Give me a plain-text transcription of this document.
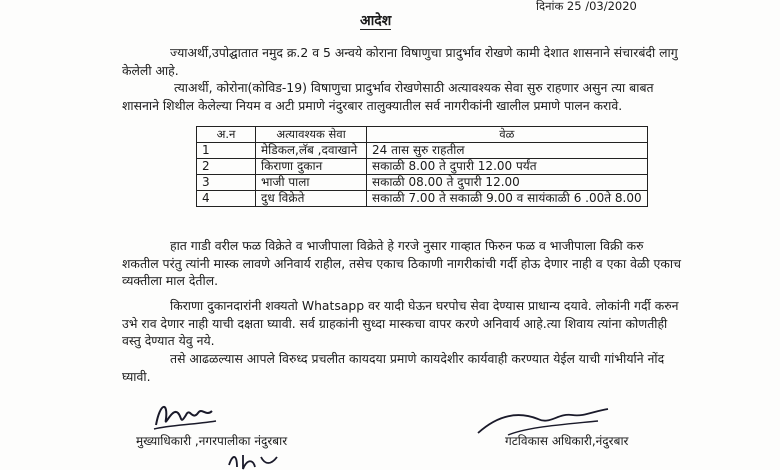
दिनांक 25 /03/2020
आदेश
ज्याअर्थी,उपोद्घातात नमुद क्र.2 व 5 अन्वये कोराना विषाणुचा प्रादुर्भाव रोखणे कामी देशात शासनाने संचारबंदी लागु केलेली आहे.
त्याअर्थी, कोरोना(कोविड-19) विषाणुचा प्रादुर्भाव रोखणेसाठी अत्यावश्यक सेवा सुरु राहणार असुन त्या बाबत शासनाने शिथील केलेल्या नियम व अटी प्रमाणे नंदुरबार तालुक्यातील सर्व नागरीकांनी खालील प्रमाणे पालन करावे.
अ.न	अत्यावश्यक सेवा	वेळ
1	मेडिकल,लॅब ,दवाखाने	24 तास सुरु राहतील
2	किराणा दुकान	सकाळी 8.00 ते दुपारी 12.00 पर्यंत
3	भाजी पाला	सकाळी 08.00 ते दुपारी 12.00
4	दुध विक्रेते	सकाळी 7.00 ते सकाळी 9.00 व सायंकाळी 6 .00ते 8.00
हात गाडी वरील फळ विक्रेते व भाजीपाला विक्रेते हे गरजे नुसार गाव्हात फिरुन फळ व भाजीपाला विक्री करु शकतील परंतु त्यांनी मास्क लावणे अनिवार्य राहील, तसेच एकाच ठिकाणी नागरीकांची गर्दी होऊ देणार नाही व एका वेळी एकाच व्यक्तीला माल देतील.
किराणा दुकानदारांनी शक्यतो Whatsapp वर यादी घेऊन घरपोच सेवा देण्यास प्राधान्य दयावे. लोकांनी गर्दी करुन उभे राव देणार नाही याची दक्षता घ्यावी. सर्व ग्राहकांनी सुध्दा मास्कचा वापर करणे अनिवार्य आहे.त्या शिवाय त्यांना कोणतीही वस्तु देण्यात येवु नये.
तसे आढळल्यास आपले विरुध्द प्रचलीत कायदया प्रमाणे कायदेशीर कार्यवाही करण्यात येईल याची गांभीर्याने नोंद घ्यावी.
मुख्याधिकारी ,नगरपालीका नंदुरबार	गटविकास अधिकारी,नंदुरबार
